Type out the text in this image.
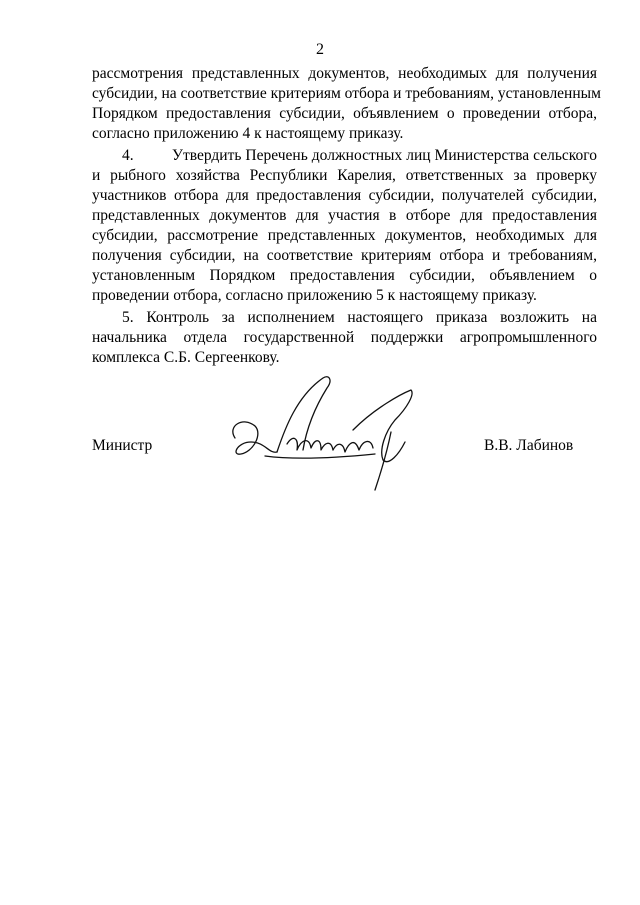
2
рассмотрения представленных документов, необходимых для получения
субсидии, на соответствие критериям отбора и требованиям, установленным
Порядком предоставления субсидии, объявлением о проведении отбора,
согласно приложению 4 к настоящему приказу.
4. Утвердить Перечень должностных лиц Министерства сельского
и рыбного хозяйства Республики Карелия, ответственных за проверку
участников отбора для предоставления субсидии, получателей субсидии,
представленных документов для участия в отборе для предоставления
субсидии, рассмотрение представленных документов, необходимых для
получения субсидии, на соответствие критериям отбора и требованиям,
установленным Порядком предоставления субсидии, объявлением о
проведении отбора, согласно приложению 5 к настоящему приказу.
5. Контроль за исполнением настоящего приказа возложить на
начальника отдела государственной поддержки агропромышленного
комплекса С.Б. Сергеенкову.
Министр	В.В. Лабинов
